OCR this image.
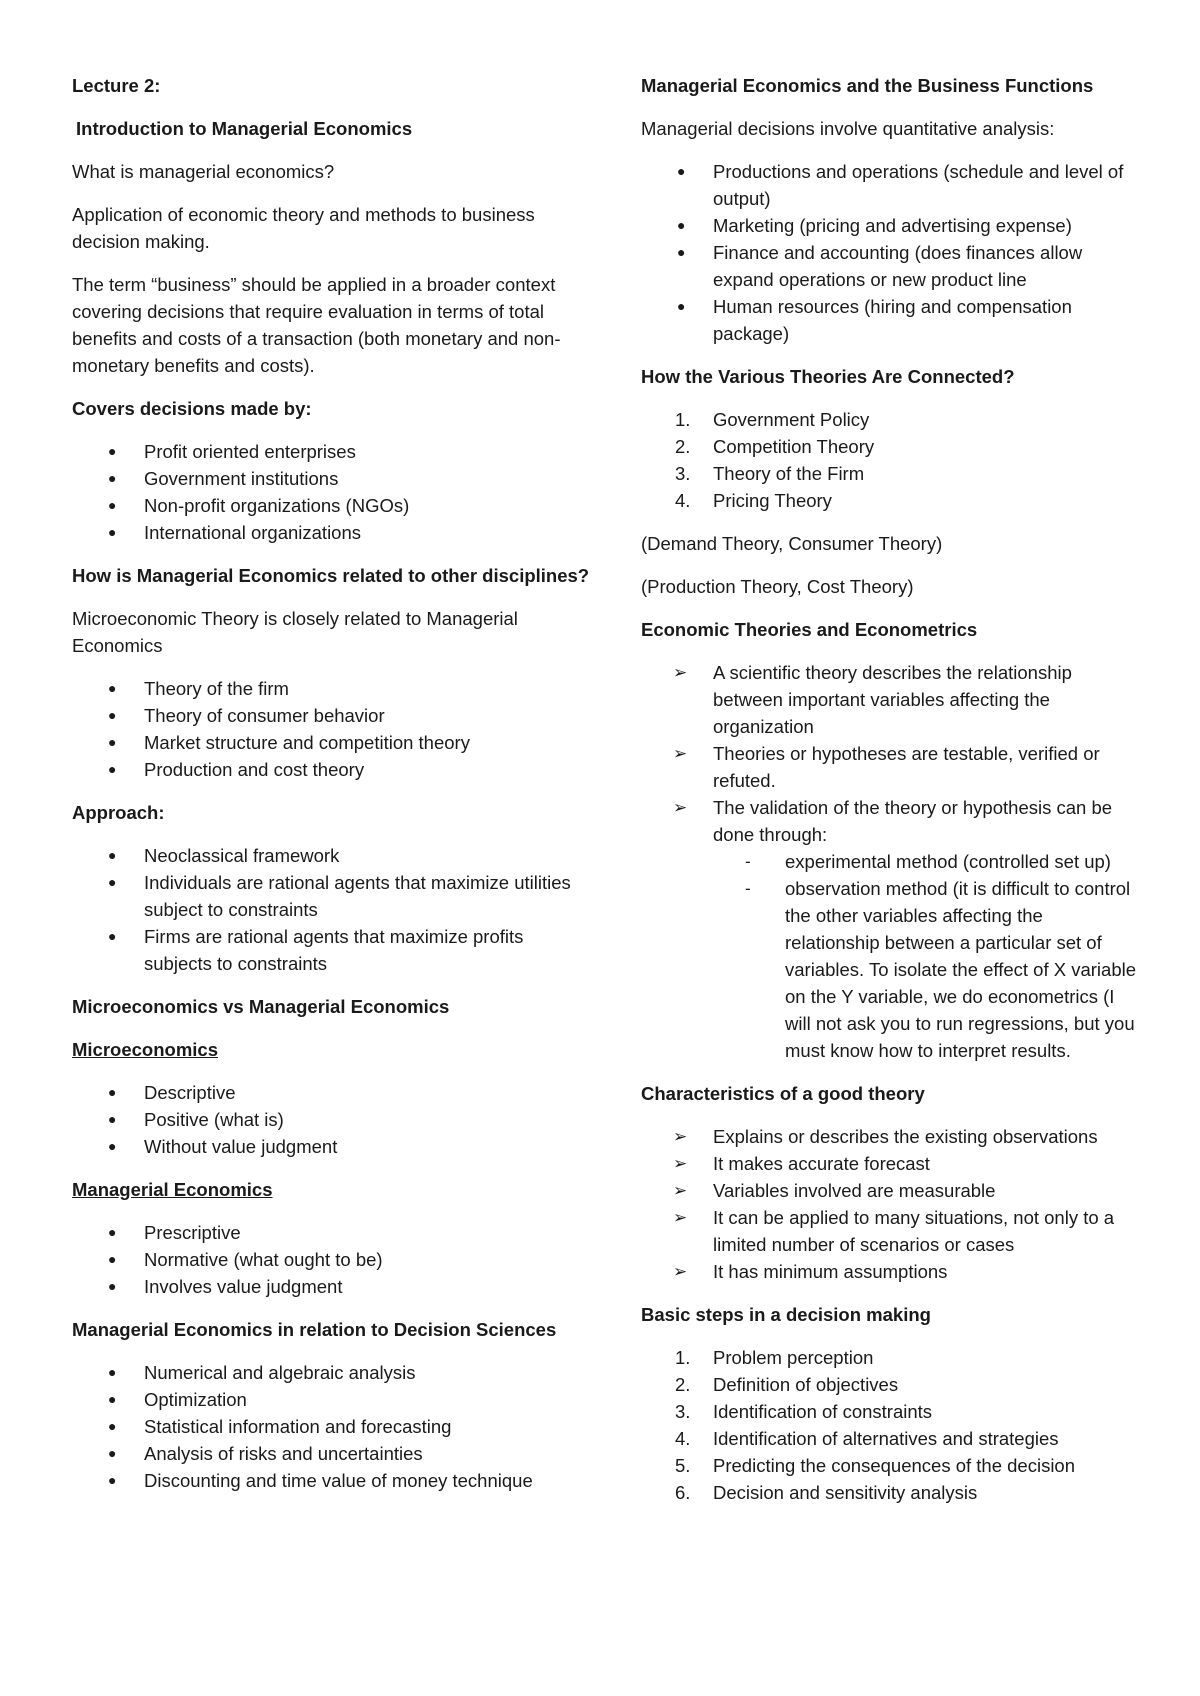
Lecture 2:

Introduction to Managerial Economics

What is managerial economics?

Application of economic theory and methods to business decision making.

The term “business” should be applied in a broader context covering decisions that require evaluation in terms of total benefits and costs of a transaction (both monetary and non-monetary benefits and costs).

Covers decisions made by:

● Profit oriented enterprises
● Government institutions
● Non-profit organizations (NGOs)
● International organizations

How is Managerial Economics related to other disciplines?

Microeconomic Theory is closely related to Managerial Economics

● Theory of the firm
● Theory of consumer behavior
● Market structure and competition theory
● Production and cost theory

Approach:

● Neoclassical framework
● Individuals are rational agents that maximize utilities subject to constraints
● Firms are rational agents that maximize profits subjects to constraints

Microeconomics vs Managerial Economics

Microeconomics

● Descriptive
● Positive (what is)
● Without value judgment

Managerial Economics

● Prescriptive
● Normative (what ought to be)
● Involves value judgment

Managerial Economics in relation to Decision Sciences

● Numerical and algebraic analysis
● Optimization
● Statistical information and forecasting
● Analysis of risks and uncertainties
● Discounting and time value of money technique

Managerial Economics and the Business Functions

Managerial decisions involve quantitative analysis:

● Productions and operations (schedule and level of output)
● Marketing (pricing and advertising expense)
● Finance and accounting (does finances allow expand operations or new product line
● Human resources (hiring and compensation package)

How the Various Theories Are Connected?

1. Government Policy
2. Competition Theory
3. Theory of the Firm
4. Pricing Theory

(Demand Theory, Consumer Theory)

(Production Theory, Cost Theory)

Economic Theories and Econometrics

➢ A scientific theory describes the relationship between important variables affecting the organization
➢ Theories or hypotheses are testable, verified or refuted.
➢ The validation of the theory or hypothesis can be done through:
- experimental method (controlled set up)
- observation method (it is difficult to control the other variables affecting the relationship between a particular set of variables. To isolate the effect of X variable on the Y variable, we do econometrics (I will not ask you to run regressions, but you must know how to interpret results.

Characteristics of a good theory

➢ Explains or describes the existing observations
➢ It makes accurate forecast
➢ Variables involved are measurable
➢ It can be applied to many situations, not only to a limited number of scenarios or cases
➢ It has minimum assumptions

Basic steps in a decision making

1. Problem perception
2. Definition of objectives
3. Identification of constraints
4. Identification of alternatives and strategies
5. Predicting the consequences of the decision
6. Decision and sensitivity analysis
